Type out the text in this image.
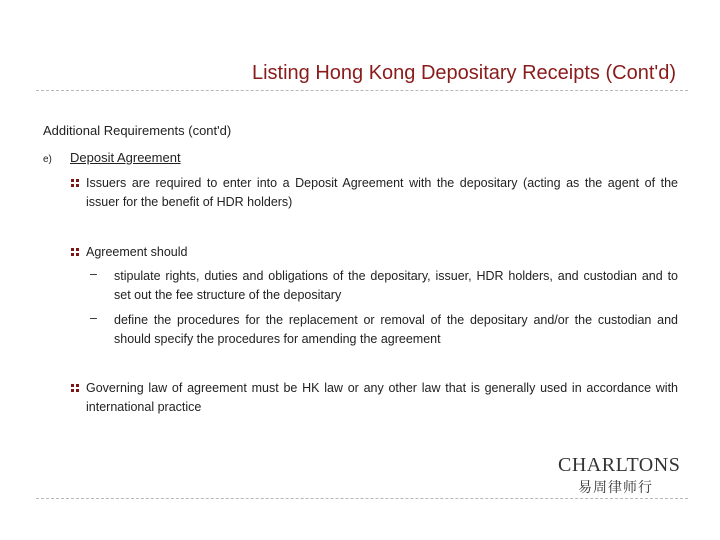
Listing Hong Kong Depositary Receipts (Cont'd)
Additional Requirements (cont'd)
e) Deposit Agreement
Issuers are required to enter into a Deposit Agreement with the depositary (acting as the agent of the issuer for the benefit of HDR holders)
Agreement should
– stipulate rights, duties and obligations of the depositary, issuer, HDR holders, and custodian and to set out the fee structure of the depositary
– define the procedures for the replacement or removal of the depositary and/or the custodian and should specify the procedures for amending the agreement
Governing law of agreement must be HK law or any other law that is generally used in accordance with international practice
CHARLTONS
易周律师行
